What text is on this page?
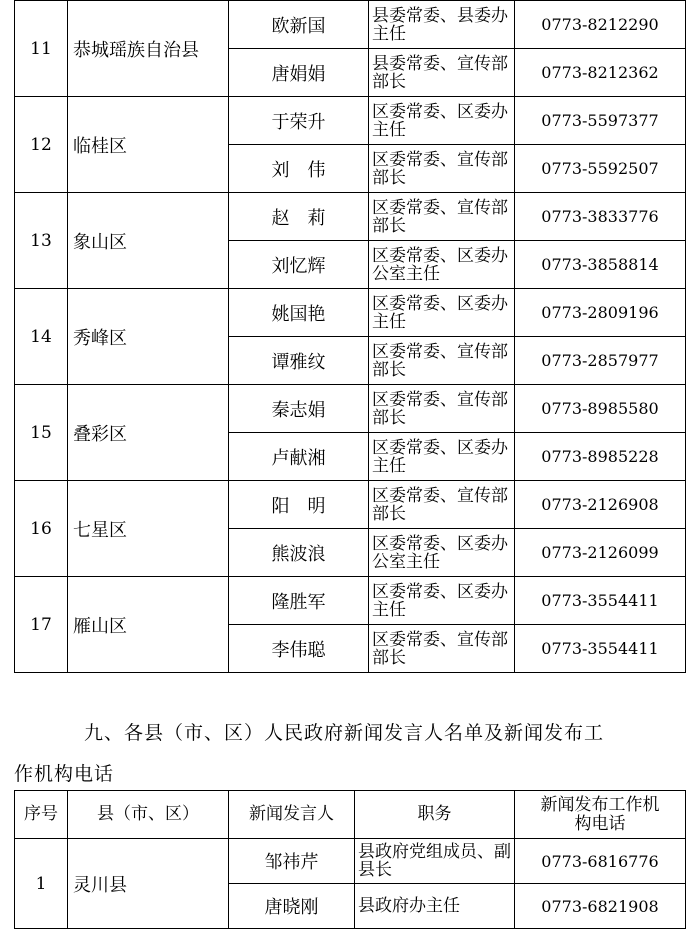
11	恭城瑶族自治县	欧新国	县委常委、县委办主任	0773-8212290
		唐娟娟	县委常委、宣传部部长	0773-8212362
12	临桂区	于荣升	区委常委、区委办主任	0773-5597377
		刘　伟	区委常委、宣传部部长	0773-5592507
13	象山区	赵　莉	区委常委、宣传部部长	0773-3833776
		刘忆辉	区委常委、区委办公室主任	0773-3858814
14	秀峰区	姚国艳	区委常委、区委办主任	0773-2809196
		谭雅纹	区委常委、宣传部部长	0773-2857977
15	叠彩区	秦志娟	区委常委、宣传部部长	0773-8985580
		卢献湘	区委常委、区委办主任	0773-8985228
16	七星区	阳　明	区委常委、宣传部部长	0773-2126908
		熊波浪	区委常委、区委办公室主任	0773-2126099
17	雁山区	隆胜军	区委常委、区委办主任	0773-3554411
		李伟聪	区委常委、宣传部部长	0773-3554411
九、各县（市、区）人民政府新闻发言人名单及新闻发布工
作机构电话
序号	县（市、区）	新闻发言人	职务	新闻发布工作机构电话
1	灵川县	邹祎芹	县政府党组成员、副县长	0773-6816776
		唐晓刚	县政府办主任	0773-6821908
